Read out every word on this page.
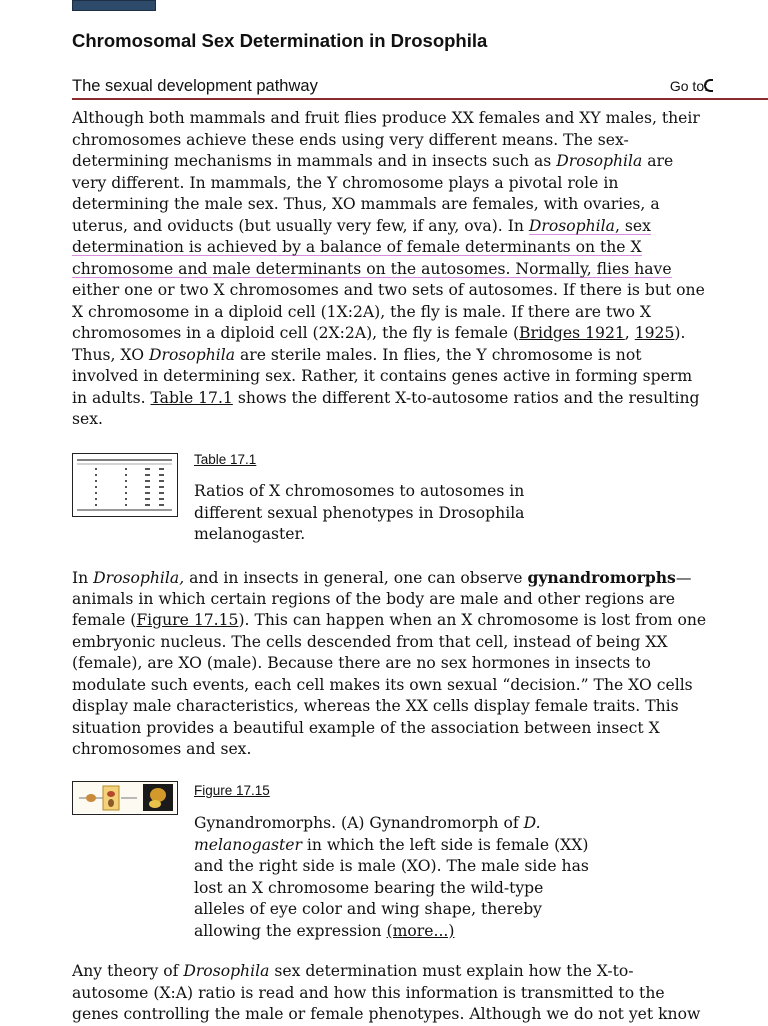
Chromosomal Sex Determination in Drosophila
The sexual development pathway	Go to:
Although both mammals and fruit flies produce XX females and XY males, their
chromosomes achieve these ends using very different means. The sex-
determining mechanisms in mammals and in insects such as Drosophila are
very different. In mammals, the Y chromosome plays a pivotal role in
determining the male sex. Thus, XO mammals are females, with ovaries, a
uterus, and oviducts (but usually very few, if any, ova). In Drosophila, sex
determination is achieved by a balance of female determinants on the X
chromosome and male determinants on the autosomes. Normally, flies have
either one or two X chromosomes and two sets of autosomes. If there is but one
X chromosome in a diploid cell (1X:2A), the fly is male. If there are two X
chromosomes in a diploid cell (2X:2A), the fly is female (Bridges 1921, 1925).
Thus, XO Drosophila are sterile males. In flies, the Y chromosome is not
involved in determining sex. Rather, it contains genes active in forming sperm
in adults. Table 17.1 shows the different X-to-autosome ratios and the resulting
sex.
Table 17.1
Ratios of X chromosomes to autosomes in
different sexual phenotypes in Drosophila
melanogaster.
In Drosophila, and in insects in general, one can observe gynandromorphs—
animals in which certain regions of the body are male and other regions are
female (Figure 17.15). This can happen when an X chromosome is lost from one
embryonic nucleus. The cells descended from that cell, instead of being XX
(female), are XO (male). Because there are no sex hormones in insects to
modulate such events, each cell makes its own sexual “decision.” The XO cells
display male characteristics, whereas the XX cells display female traits. This
situation provides a beautiful example of the association between insect X
chromosomes and sex.
Figure 17.15
Gynandromorphs. (A) Gynandromorph of D.
melanogaster in which the left side is female (XX)
and the right side is male (XO). The male side has
lost an X chromosome bearing the wild-type
alleles of eye color and wing shape, thereby
allowing the expression (more...)
Any theory of Drosophila sex determination must explain how the X-to-
autosome (X:A) ratio is read and how this information is transmitted to the
genes controlling the male or female phenotypes. Although we do not yet know
